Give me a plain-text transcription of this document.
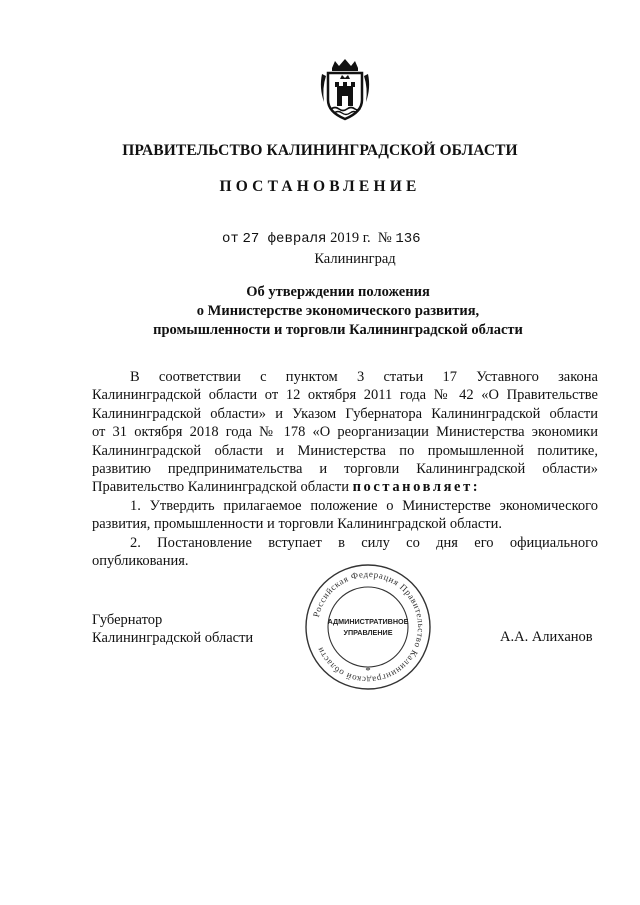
ПРАВИТЕЛЬСТВО КАЛИНИНГРАДСКОЙ ОБЛАСТИ
ПОСТАНОВЛЕНИЕ
от 27 февраля 2019 г. № 136
Калининград
Об утверждении положения
о Министерстве экономического развития,
промышленности и торговли Калининградской области

В соответствии с пунктом 3 статьи 17 Уставного закона

Калининградской области от 12 октября 2011 года № 42 «О Правительстве

Калининградской области» и Указом Губернатора Калининградской области

от 31 октября 2018 года № 178 «О реорганизации Министерства экономики

Калининградской области и Министерства по промышленной политике,

развитию предпринимательства и торговли Калининградской области»

Правительство Калининградской области постановляет:

1. Утвердить прилагаемое положение о Министерстве экономического

развития, промышленности и торговли Калининградской области.

2. Постановление вступает в силу со дня его официального

опубликования.

Губернатор
Калининградской области	А.А. Алиханов
Российская Федерация Правительство Калининградской области
АДМИНИСТРАТИВНОЕ
УПРАВЛЕНИЕ
*
